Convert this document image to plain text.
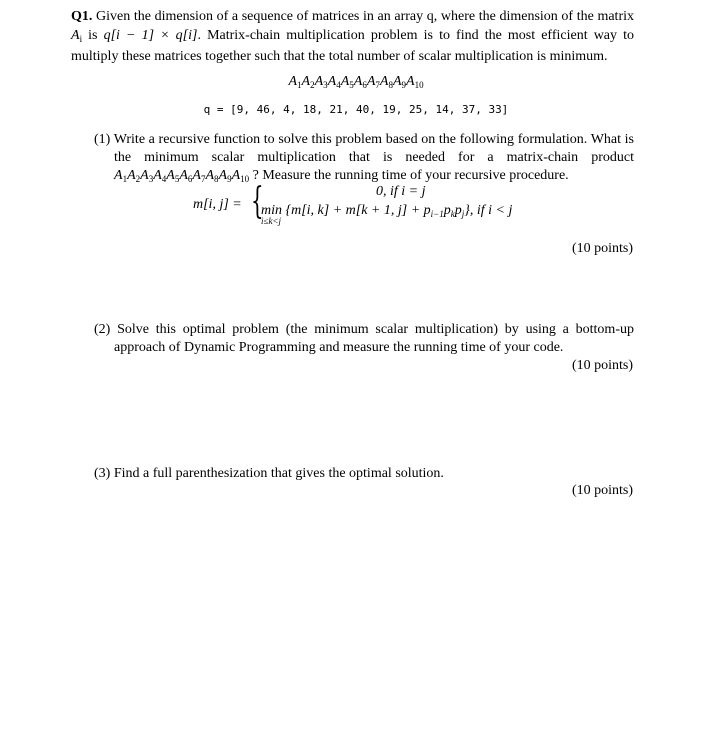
Q1. Given the dimension of a sequence of matrices in an array q, where the dimension of the matrix $A_i$ is q[i − 1] × q[i]. Matrix-chain multiplication problem is to find the most efficient way to multiply these matrices together such that the total number of scalar multiplication is minimum.
$A_1A_2A_3A_4A_5A_6A_7A_8A_9A_{10}$
q = [9, 46, 4, 18, 21, 40, 19, 25, 14, 37, 33]
(1) Write a recursive function to solve this problem based on the following formulation. What is the minimum scalar multiplication that is needed for a matrix-chain product $A_1A_2A_3A_4A_5A_6A_7A_8A_9A_{10}$ ? Measure the running time of your recursive procedure.
m[i, j] = {	0, if i = j
min {m[i, k] + m[k + 1, $j] + p_{i-1}p_kp_j$}, if i < j
i≤k<j
(10 points)
(2) Solve this optimal problem (the minimum scalar multiplication) by using a bottom-up approach of Dynamic Programming and measure the running time of your code.
(10 points)
(3) Find a full parenthesization that gives the optimal solution.
(10 points)
